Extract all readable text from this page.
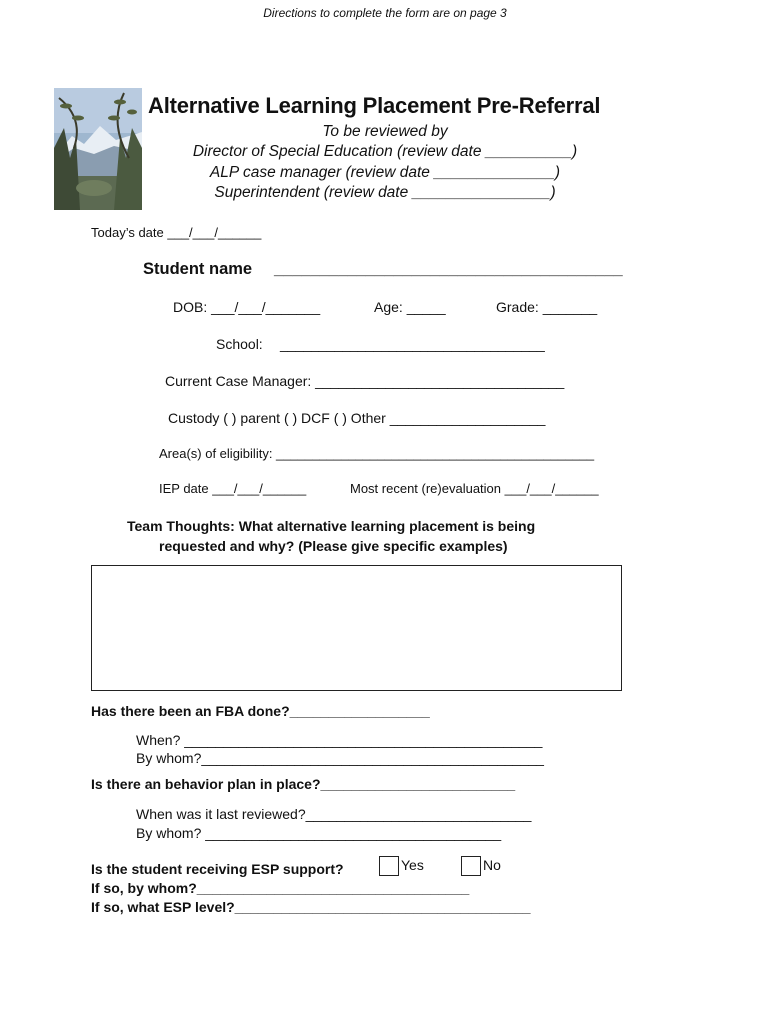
Directions to complete the form are on page 3
Alternative Learning Placement Pre-Referral
To be reviewed by
Director of Special Education (review date __________)
ALP case manager (review date ______________)
Superintendent (review date ________________)
Today’s date ___/___/______
Student name ______________________________________
DOB: ___/___/_______	Age: _____	Grade: _______
School: __________________________________
Current Case Manager: ________________________________
Custody ( ) parent ( ) DCF ( ) Other ____________________
Area(s) of eligibility: ____________________________________________
IEP date ___/___/______	Most recent (re)evaluation ___/___/______
Team Thoughts: What alternative learning placement is being
requested and why? (Please give specific examples)
Has there been an FBA done?__________________
When? ______________________________________________
By whom?____________________________________________
Is there an behavior plan in place?_________________________
When was it last reviewed?_____________________________
By whom? ______________________________________
Is the student receiving ESP support?	Yes	No
If so, by whom?___________________________________
If so, what ESP level?______________________________________
